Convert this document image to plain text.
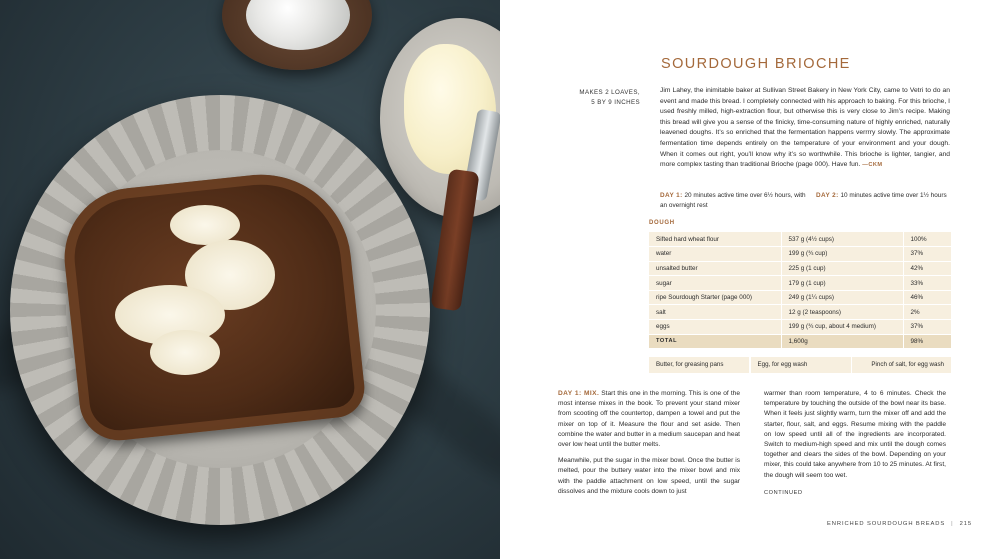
SOURDOUGH BRIOCHE
MAKES 2 LOAVES,
5 BY 9 INCHES
Jim Lahey, the inimitable baker at Sullivan Street Bakery in New York City, came to Vetri to do an event and made this bread. I completely connected with his approach to baking. For this brioche, I used freshly milled, high-extraction flour, but otherwise this is very close to Jim’s recipe. Making this bread will give you a sense of the finicky, time-consuming nature of highly enriched, naturally leavened doughs. It’s so enriched that the fermentation happens verrrry slowly. The approximate fermentation time depends entirely on the temperature of your environment and your dough. When it comes out right, you’ll know why it’s so worthwhile. This brioche is lighter, tangier, and more complex tasting than traditional Brioche (page 000). Have fun. —CKM
DAY 1: 20 minutes active time over 6½ hours, with an overnight rest
DAY 2: 10 minutes active time over 1½ hours
DOUGH
Sifted hard wheat flour	537 g (4½ cups)	100%
water	199 g (¾ cup)	37%
unsalted butter	225 g (1 cup)	42%
sugar	179 g (1 cup)	33%
ripe Sourdough Starter (page 000)	249 g (1¼ cups)	46%
salt	12 g (2 teaspoons)	2%
eggs	199 g (¾ cup, about 4 medium)	37%
TOTAL	1,600g	98%
Butter, for greasing pans	Egg, for egg wash	Pinch of salt, for egg wash

DAY 1: MIX. Start this one in the morning. This is one of the most intense mixes in the book. To prevent your stand mixer from scooting off the countertop, dampen a towel and put the mixer on top of it. Measure the flour and set aside. Then combine the water and butter in a medium saucepan and heat over low heat until the butter melts.

Meanwhile, put the sugar in the mixer bowl. Once the butter is melted, pour the buttery water into the mixer bowl and mix with the paddle attachment on low speed, until the sugar dissolves and the mixture cools down to just

warmer than room temperature, 4 to 6 minutes. Check the temperature by touching the outside of the bowl near its base. When it feels just slightly warm, turn the mixer off and add the starter, flour, salt, and eggs. Resume mixing with the paddle on low speed until all of the ingredients are incorporated. Switch to medium-high speed and mix until the dough comes together and clears the sides of the bowl. Depending on your mixer, this could take anywhere from 10 to 25 minutes. At first, the dough will seem too wet.

CONTINUED
ENRICHED SOURDOUGH BREADS | 215
